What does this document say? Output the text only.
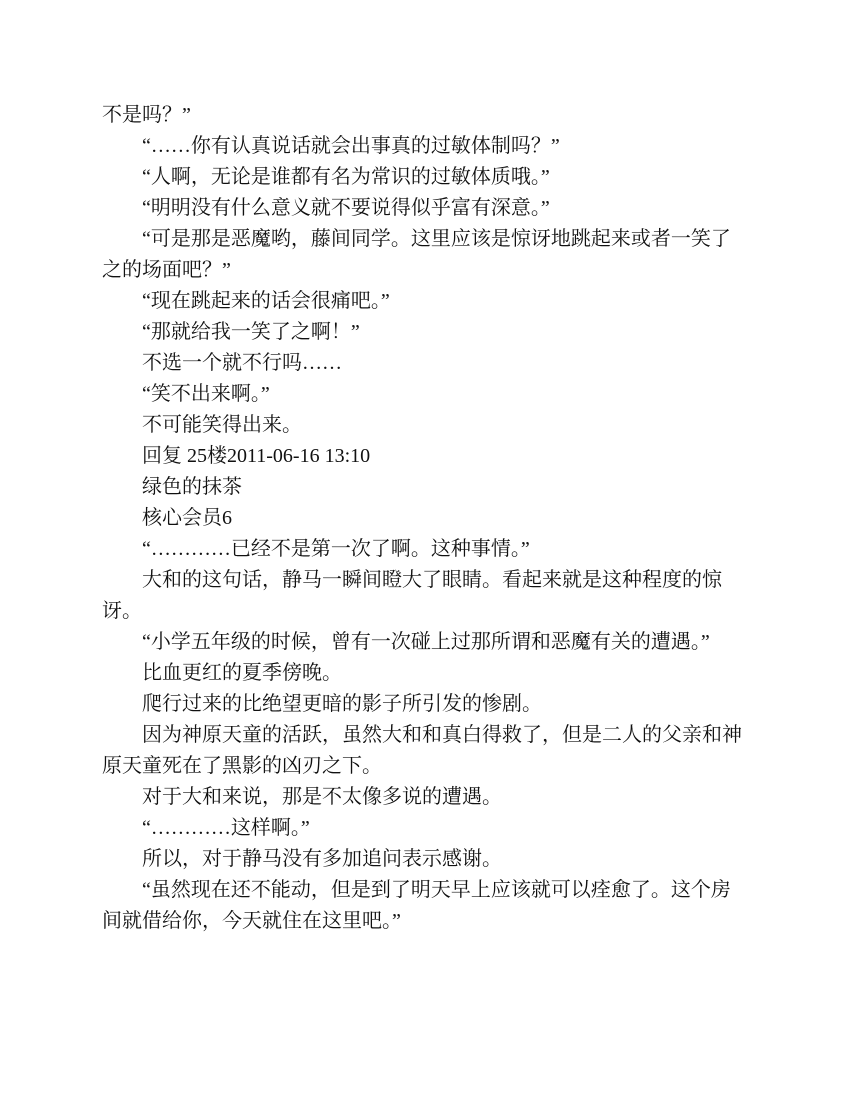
不是吗？”

“……你有认真说话就会出事真的过敏体制吗？”

“人啊，无论是谁都有名为常识的过敏体质哦。”

“明明没有什么意义就不要说得似乎富有深意。”

“可是那是恶魔哟，藤间同学。这里应该是惊讶地跳起来或者一笑了之的场面吧？”

“现在跳起来的话会很痛吧。”

“那就给我一笑了之啊！”

不选一个就不行吗……

“笑不出来啊。”

不可能笑得出来。

回复 25楼2011-06-16 13:10

绿色的抹茶

核心会员6

“…………已经不是第一次了啊。这种事情。”

大和的这句话，静马一瞬间瞪大了眼睛。看起来就是这种程度的惊讶。

“小学五年级的时候，曾有一次碰上过那所谓和恶魔有关的遭遇。”

比血更红的夏季傍晚。

爬行过来的比绝望更暗的影子所引发的惨剧。

因为神原天童的活跃，虽然大和和真白得救了，但是二人的父亲和神原天童死在了黑影的凶刃之下。

对于大和来说，那是不太像多说的遭遇。

“…………这样啊。”

所以，对于静马没有多加追问表示感谢。

“虽然现在还不能动，但是到了明天早上应该就可以痊愈了。这个房间就借给你，今天就住在这里吧。”
